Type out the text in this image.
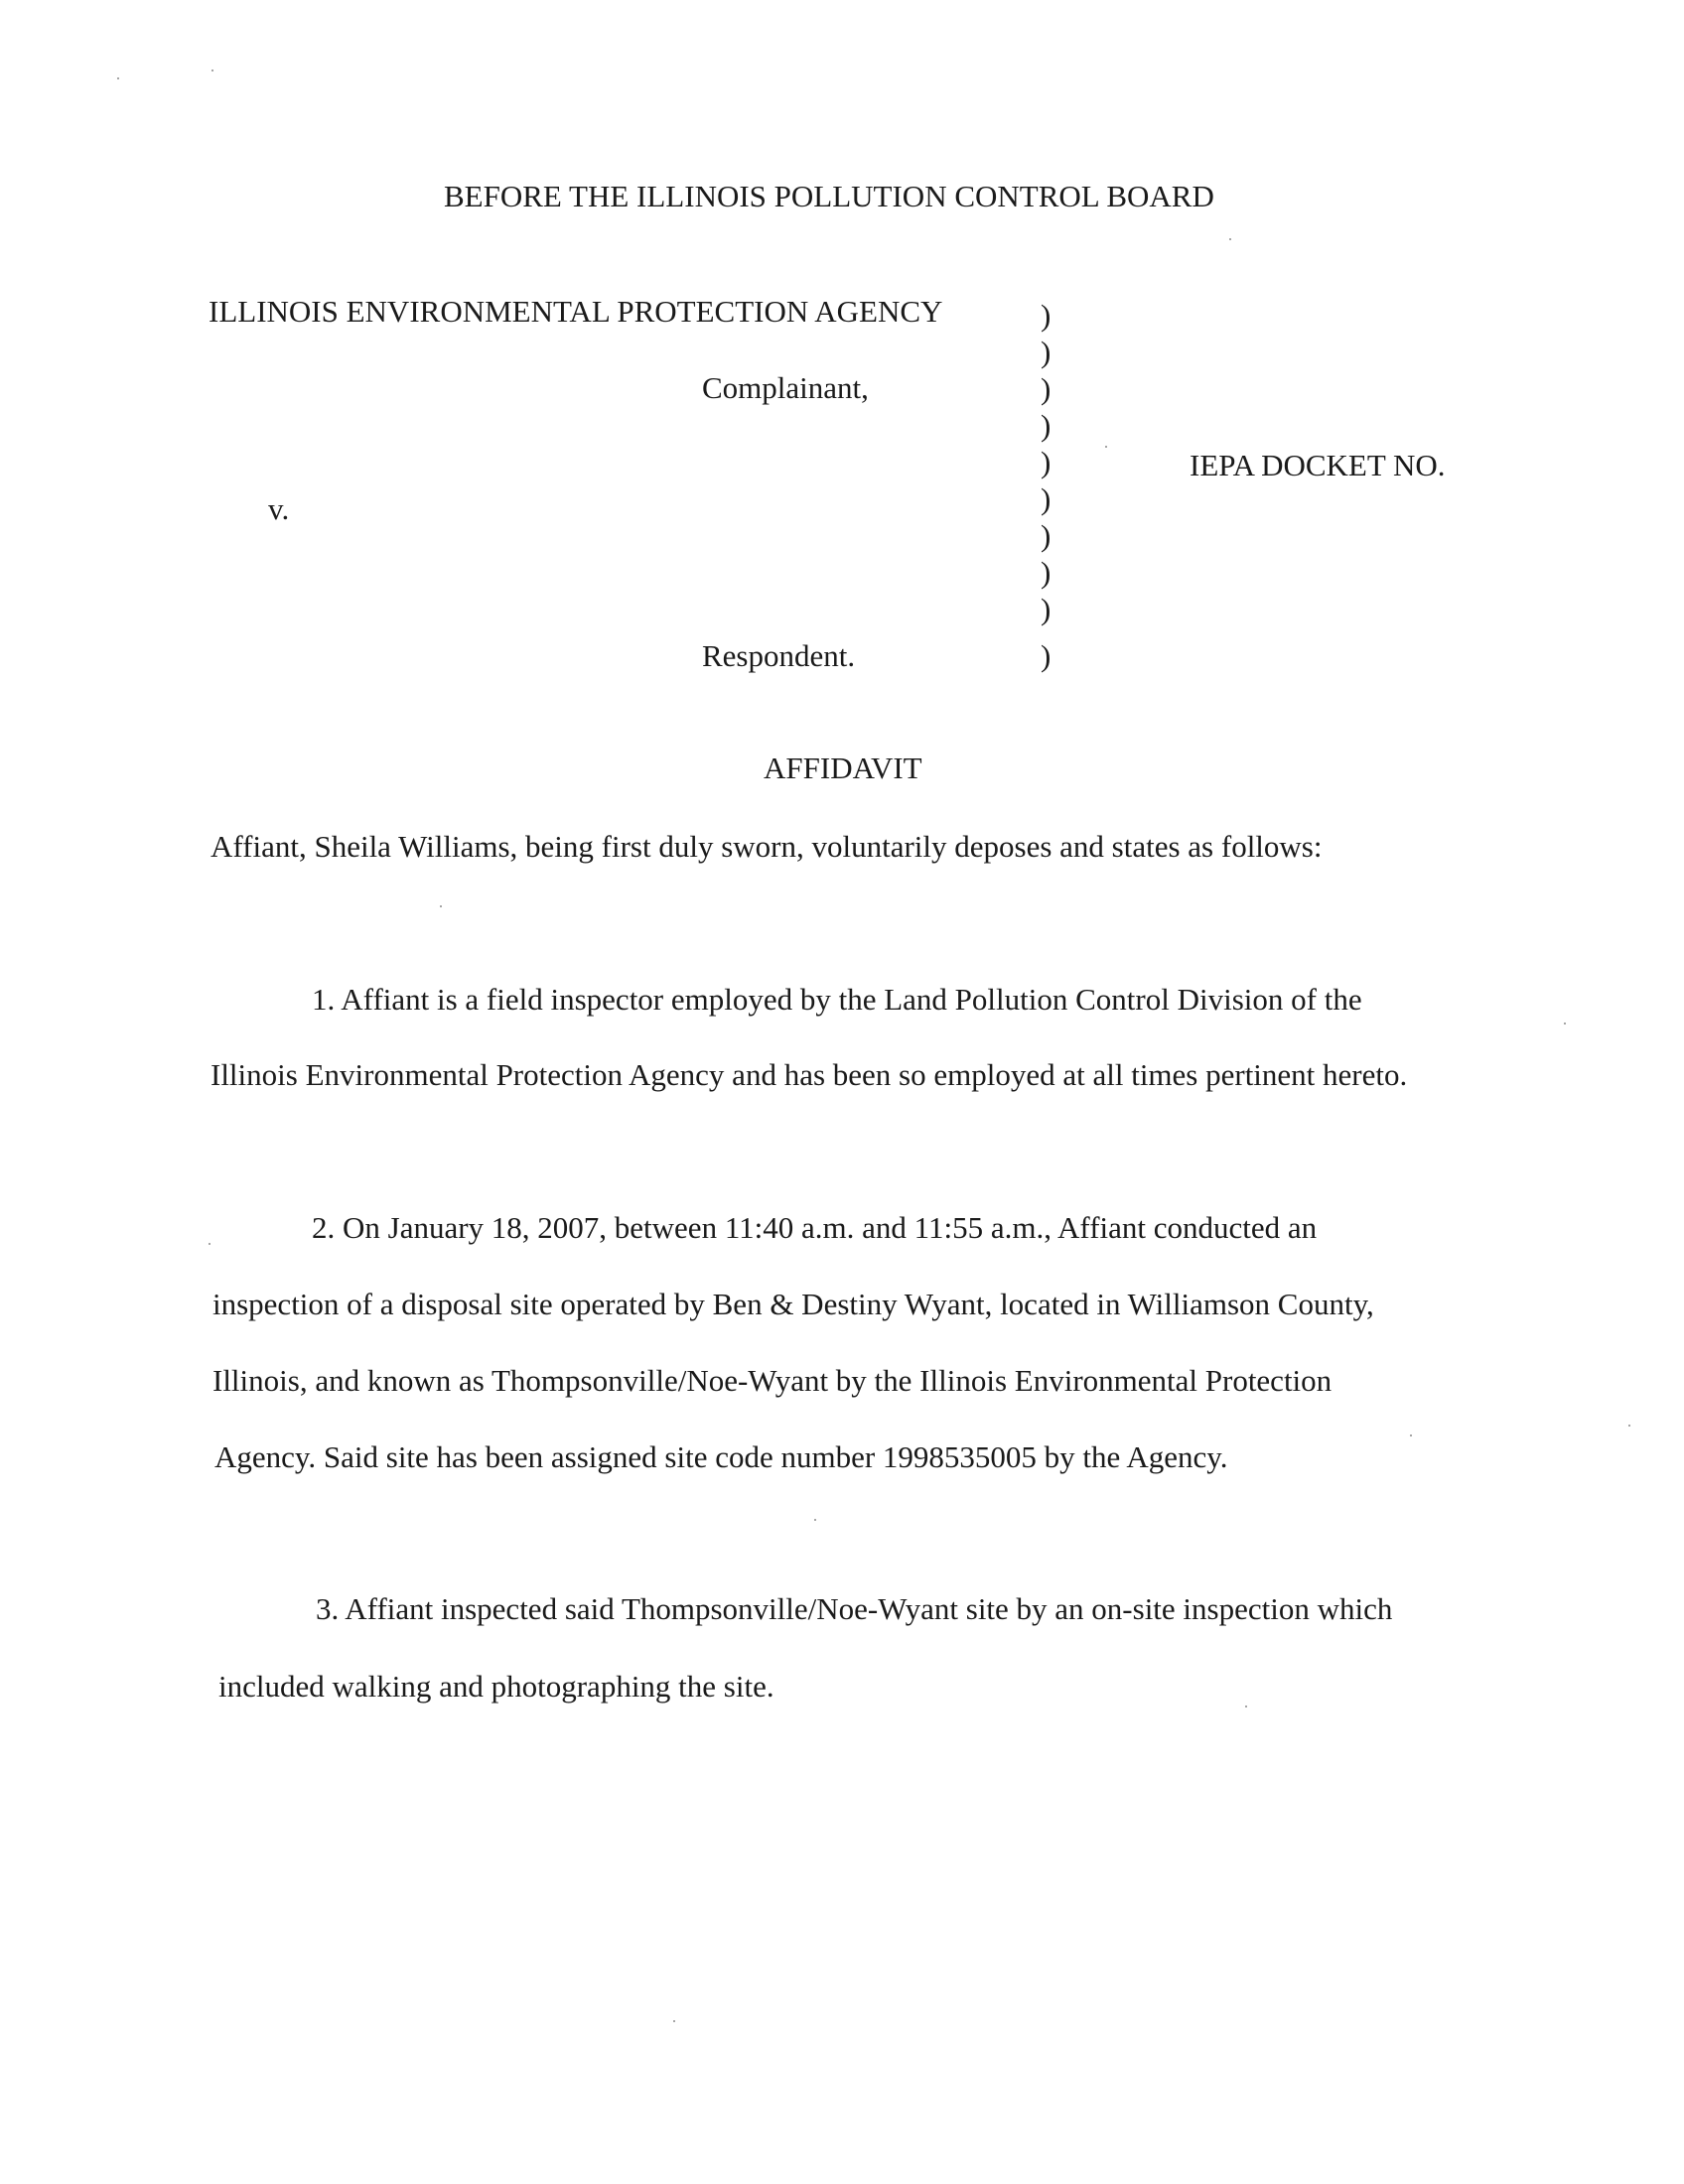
BEFORE THE ILLINOIS POLLUTION CONTROL BOARD
ILLINOIS ENVIRONMENTAL PROTECTION AGENCY
Complainant,
v.
Respondent.
IEPA DOCKET NO.
)
)
)
)
)
)
)
)
)
)
AFFIDAVIT
Affiant, Sheila Williams, being first duly sworn, voluntarily deposes and states as follows:
1. Affiant is a field inspector employed by the Land Pollution Control Division of the
Illinois Environmental Protection Agency and has been so employed at all times pertinent hereto.
2. On January 18, 2007, between 11:40 a.m. and 11:55 a.m., Affiant conducted an
inspection of a disposal site operated by Ben & Destiny Wyant, located in Williamson County,
Illinois, and known as Thompsonville/Noe-Wyant by the Illinois Environmental Protection
Agency. Said site has been assigned site code number 1998535005 by the Agency.
3. Affiant inspected said Thompsonville/Noe-Wyant site by an on-site inspection which
included walking and photographing the site.
